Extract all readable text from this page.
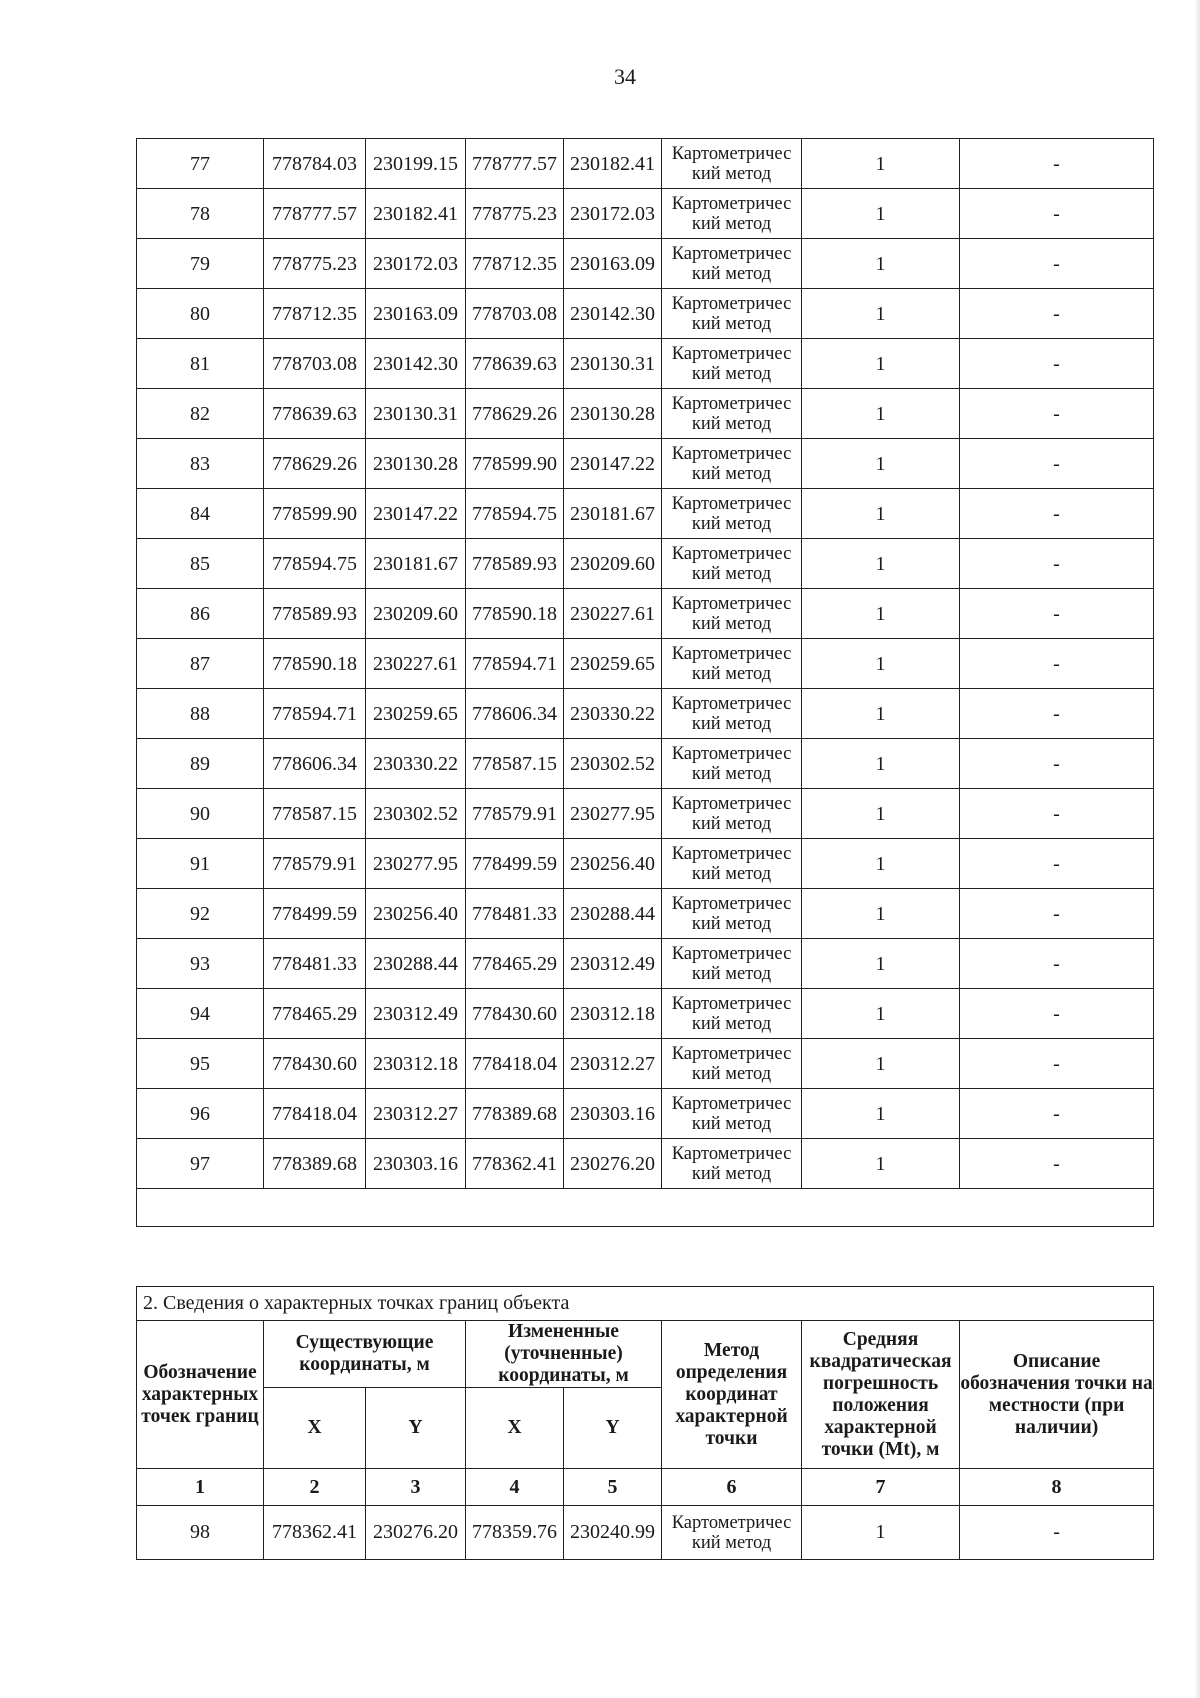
34
77	778784.03	230199.15	778777.57	230182.41	Картометричес кий метод	1	-
78	778777.57	230182.41	778775.23	230172.03	Картометричес кий метод	1	-
79	778775.23	230172.03	778712.35	230163.09	Картометричес кий метод	1	-
80	778712.35	230163.09	778703.08	230142.30	Картометричес кий метод	1	-
81	778703.08	230142.30	778639.63	230130.31	Картометричес кий метод	1	-
82	778639.63	230130.31	778629.26	230130.28	Картометричес кий метод	1	-
83	778629.26	230130.28	778599.90	230147.22	Картометричес кий метод	1	-
84	778599.90	230147.22	778594.75	230181.67	Картометричес кий метод	1	-
85	778594.75	230181.67	778589.93	230209.60	Картометричес кий метод	1	-
86	778589.93	230209.60	778590.18	230227.61	Картометричес кий метод	1	-
87	778590.18	230227.61	778594.71	230259.65	Картометричес кий метод	1	-
88	778594.71	230259.65	778606.34	230330.22	Картометричес кий метод	1	-
89	778606.34	230330.22	778587.15	230302.52	Картометричес кий метод	1	-
90	778587.15	230302.52	778579.91	230277.95	Картометричес кий метод	1	-
91	778579.91	230277.95	778499.59	230256.40	Картометричес кий метод	1	-
92	778499.59	230256.40	778481.33	230288.44	Картометричес кий метод	1	-
93	778481.33	230288.44	778465.29	230312.49	Картометричес кий метод	1	-
94	778465.29	230312.49	778430.60	230312.18	Картометричес кий метод	1	-
95	778430.60	230312.18	778418.04	230312.27	Картометричес кий метод	1	-
96	778418.04	230312.27	778389.68	230303.16	Картометричес кий метод	1	-
97	778389.68	230303.16	778362.41	230276.20	Картометричес кий метод	1	-

2. Сведения о характерных точках границ объекта							
Обозначение характерных точек границ	Существующие координаты, м		Измененные (уточненные) координаты, м		Метод определения координат характерной точки	Средняя квадратическая погрешность положения характерной точки (Mt), м	Описание обозначения точки на местности (при наличии)
	X	Y	X	Y			
1	2	3	4	5	6	7	8
98	778362.41	230276.20	778359.76	230240.99	Картометричес кий метод	1	-
